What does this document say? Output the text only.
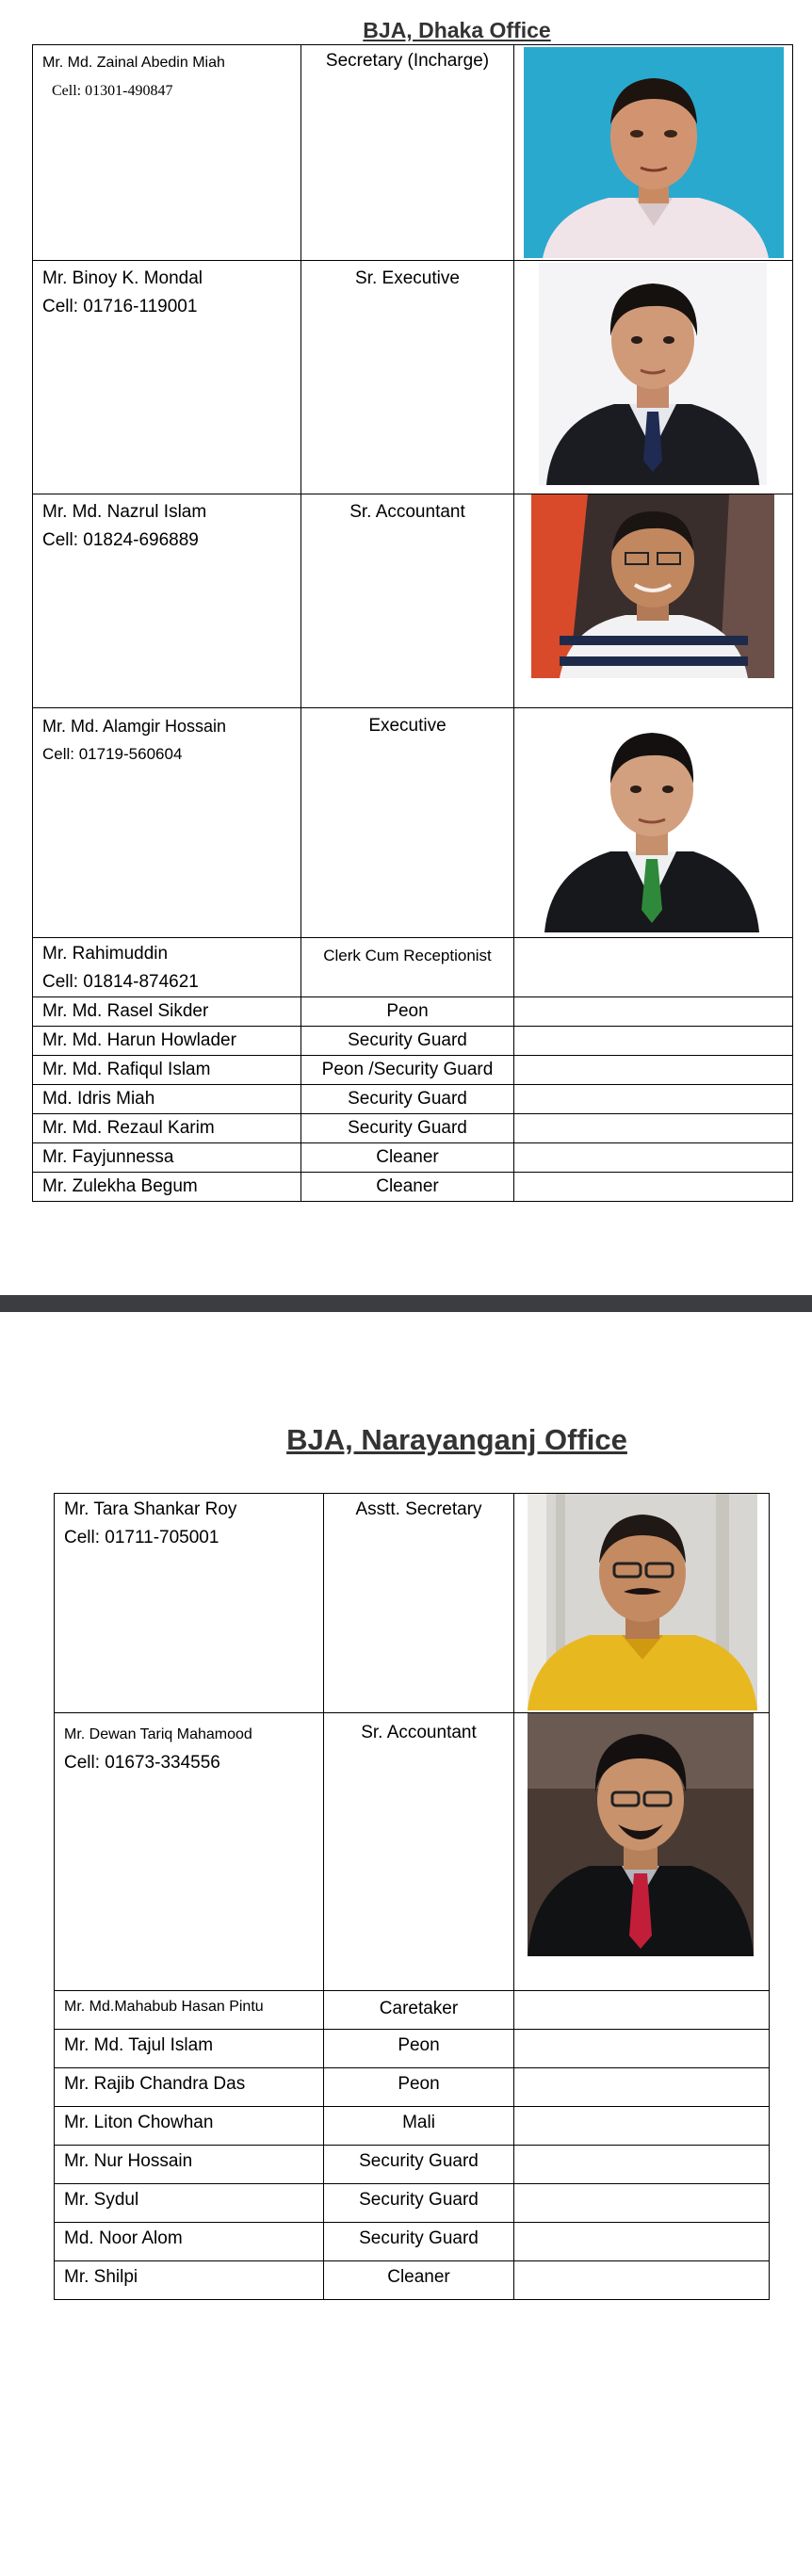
BJA, Dhaka Office
Mr. Md. Zainal Abedin Miah
Cell: 01301-490847	Secretary (Incharge)

Mr. Binoy K. Mondal
Cell: 01716-119001	Sr. Executive

Mr. Md. Nazrul Islam
Cell: 01824-696889	Sr. Accountant

Mr. Md. Alamgir Hossain
Cell: 01719-560604	Executive

Mr. Rahimuddin
Cell: 01814-874621	Clerk Cum Receptionist	

Mr. Md. Rasel Sikder	Peon	

Mr. Md. Harun Howlader	Security Guard	

Mr. Md. Rafiqul Islam	Peon /Security Guard	

Md. Idris Miah	Security Guard	

Mr. Md. Rezaul Karim	Security Guard	

Mr. Fayjunnessa	Cleaner	

Mr. Zulekha Begum	Cleaner	

BJA, Narayanganj Office
Mr. Tara Shankar Roy
Cell: 01711-705001	Asstt. Secretary

Mr. Dewan Tariq Mahamood
Cell: 01673-334556	Sr. Accountant

Mr. Md.Mahabub Hasan Pintu	Caretaker	

Mr. Md. Tajul Islam	Peon	

Mr. Rajib Chandra Das	Peon	

Mr. Liton Chowhan	Mali	

Mr. Nur Hossain	Security Guard	

Mr. Sydul	Security Guard	

Md. Noor Alom	Security Guard	

Mr. Shilpi	Cleaner	
